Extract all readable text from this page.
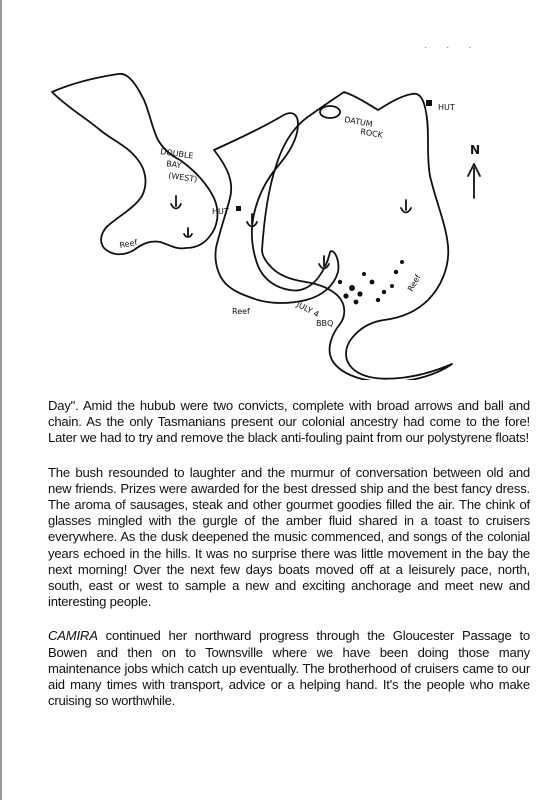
· · ·
DOUBLE
BAY
(WEST)
HUT
HUT
DATUM
ROCK
Reef
Reef
Reef
JULY 4
BBQ
N

Day". Amid the hubub were two convicts, complete with broad arrows and ball and chain. As the only Tasmanians present our colonial ancestry had come to the fore! Later we had to try and remove the black anti-fouling paint from our polystyrene floats!

The bush resounded to laughter and the murmur of conversation between old and new friends. Prizes were awarded for the best dressed ship and the best fancy dress. The aroma of sausages, steak and other gourmet goodies filled the air. The chink of glasses mingled with the gurgle of the amber fluid shared in a toast to cruisers everywhere. As the dusk deepened the music commenced, and songs of the colonial years echoed in the hills. It was no surprise there was little movement in the bay the next morning! Over the next few days boats moved off at a leisurely pace, north, south, east or west to sample a new and exciting anchorage and meet new and interesting people.

CAMIRA continued her northward progress through the Gloucester Passage to Bowen and then on to Townsville where we have been doing those many maintenance jobs which catch up eventually. The brotherhood of cruisers came to our aid many times with transport, advice or a helping hand. It's the people who make cruising so worthwhile.
